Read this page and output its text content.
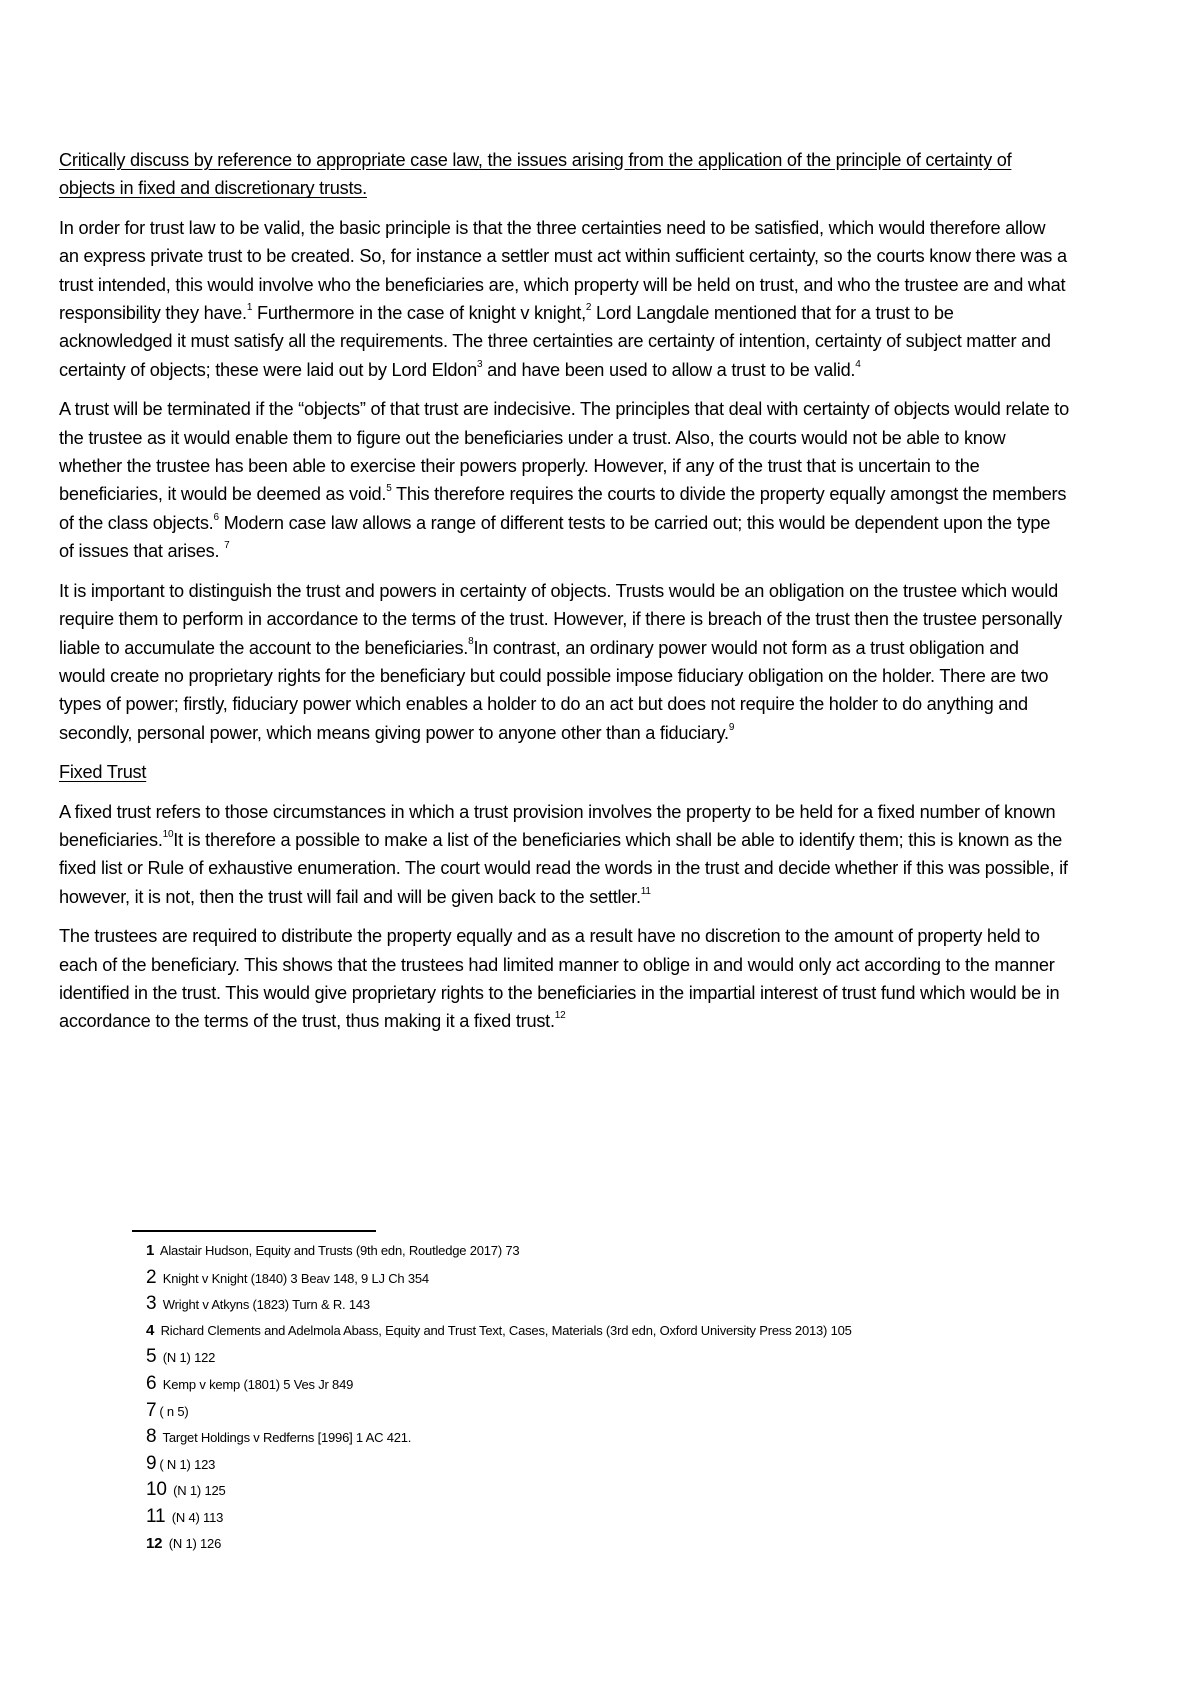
Critically discuss by reference to appropriate case law, the issues arising from the application of the principle of certainty of objects in fixed and discretionary trusts.

In order for trust law to be valid, the basic principle is that the three certainties need to be satisfied, which would therefore allow an express private trust to be created. So, for instance a settler must act within sufficient certainty, so the courts know there was a trust intended, this would involve who the beneficiaries are, which property will be held on trust, and who the trustee are and what responsibility they have.$^1$ Furthermore in the case of knight v knight,$^2$ Lord Langdale mentioned that for a trust to be acknowledged it must satisfy all the requirements. The three certainties are certainty of intention, certainty of subject matter and certainty of objects; these were laid out by Lord Eldon$^3$ and have been used to allow a trust to be valid.$^4$

A trust will be terminated if the “objects” of that trust are indecisive. The principles that deal with certainty of objects would relate to the trustee as it would enable them to figure out the beneficiaries under a trust. Also, the courts would not be able to know whether the trustee has been able to exercise their powers properly. However, if any of the trust that is uncertain to the beneficiaries, it would be deemed as void.$^5$ This therefore requires the courts to divide the property equally amongst the members of the class objects.$^6$ Modern case law allows a range of different tests to be carried out; this would be dependent upon the type of issues that arises. $^7$

It is important to distinguish the trust and powers in certainty of objects. Trusts would be an obligation on the trustee which would require them to perform in accordance to the terms of the trust. However, if there is breach of the trust then the trustee personally liable to accumulate the account to the beneficiaries.$^8$In contrast, an ordinary power would not form as a trust obligation and would create no proprietary rights for the beneficiary but could possible impose fiduciary obligation on the holder. There are two types of power; firstly, fiduciary power which enables a holder to do an act but does not require the holder to do anything and secondly, personal power, which means giving power to anyone other than a fiduciary.$^9$

Fixed Trust

A fixed trust refers to those circumstances in which a trust provision involves the property to be held for a fixed number of known beneficiaries.$^{10}$It is therefore a possible to make a list of the beneficiaries which shall be able to identify them; this is known as the fixed list or Rule of exhaustive enumeration. The court would read the words in the trust and decide whether if this was possible, if however, it is not, then the trust will fail and will be given back to the settler.$^{11}$

The trustees are required to distribute the property equally and as a result have no discretion to the amount of property held to each of the beneficiary. This shows that the trustees had limited manner to oblige in and would only act according to the manner identified in the trust. This would give proprietary rights to the beneficiaries in the impartial interest of trust fund which would be in accordance to the terms of the trust, thus making it a fixed trust.$^{12}$

1 Alastair Hudson, Equity and Trusts (9th edn, Routledge 2017) 73
2 Knight v Knight (1840) 3 Beav 148, 9 LJ Ch 354
3 Wright v Atkyns (1823) Turn & R. 143
4 Richard Clements and Adelmola Abass, Equity and Trust Text, Cases, Materials (3rd edn, Oxford University Press 2013) 105
5 (N 1) 122
6 Kemp v kemp (1801) 5 Ves Jr 849
7 ( n 5)
8 Target Holdings v Redferns [1996] 1 AC 421.
9 ( N 1) 123
10 (N 1) 125
11 (N 4) 113
12 (N 1) 126
